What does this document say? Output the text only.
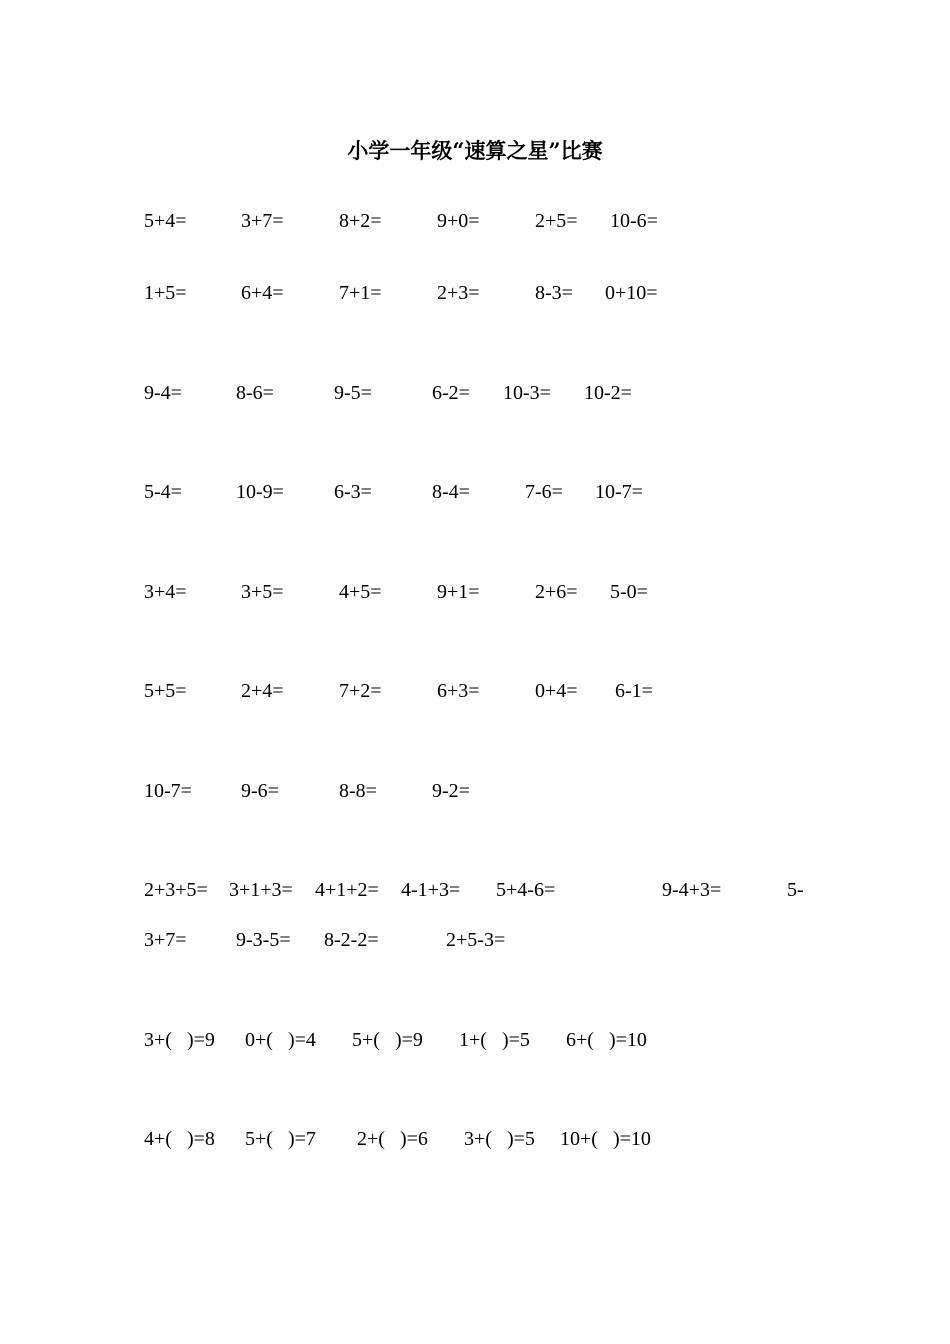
小学一年级“速算之星”比赛
5+4=	3+7=	8+2=	9+0=	2+5= 10-6=
1+5=	6+4=	7+1=	2+3=	8-3= 0+10=
9-4=	8-6=	9-5=	6-2= 10-3= 10-2=
5-4=	10-9=	6-3=	8-4=	7-6= 10-7=
3+4=	3+5=	4+5=	9+1=	2+6= 5-0=
5+5=	2+4=	7+2=	6+3=	0+4= 6-1=
10-7= 9-6=	8-8=	9-2=
2+3+5= 3+1+3= 4+1+2= 4-1+3= 5+4-6=	9-4+3=	5-
3+7= 9-3-5= 8-2-2=	2+5-3=
3+(   )=9 0+(   )=4 5+(   )=9 1+(   )=5 6+(   )=10
4+(   )=8 5+(   )=7 2+(   )=6 3+(   )=5 10+(   )=10
